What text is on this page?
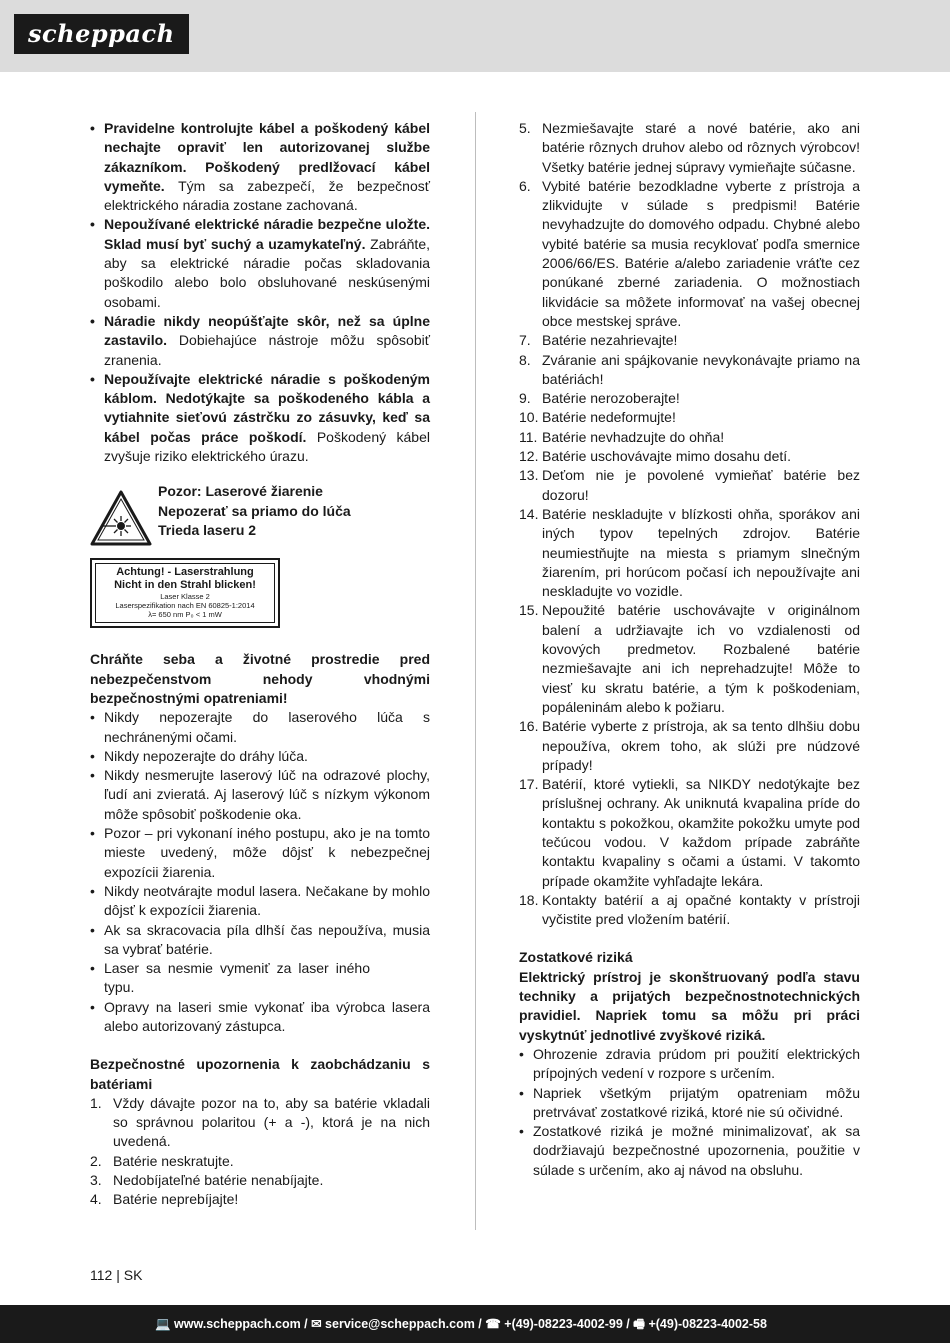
scheppach
• Pravidelne kontrolujte kábel a poškodený kábel nechajte opraviť len autorizovanej službe zákazníkom. Poškodený predlžovací kábel vymeňte. Tým sa zabezpečí, že bezpečnosť elektrického náradia zostane zachovaná.
• Nepoužívané elektrické náradie bezpečne uložte. Sklad musí byť suchý a uzamykateľný. Zabráňte, aby sa elektrické náradie počas skladovania poškodilo alebo bolo obsluhované neskúsenými osobami.
• Náradie nikdy neopúšťajte skôr, než sa úplne zastavilo. Dobiehajúce nástroje môžu spôsobiť zranenia.
• Nepoužívajte elektrické náradie s poškodeným káblom. Nedotýkajte sa poškodeného kábla a vytiahnite sieťovú zástrčku zo zásuvky, keď sa kábel počas práce poškodí. Poškodený kábel zvyšuje riziko elektrického úrazu.
Pozor: Laserové žiarenie
Nepozerať sa priamo do lúča
Trieda laseru 2
Achtung! - Laserstrahlung
Nicht in den Strahl blicken!
Laser Klasse 2
Laserspezifikation nach EN 60825-1:2014
λ= 650 nm P₀ < 1 mW
Chráňte seba a životné prostredie pred nebezpečenstvom nehody vhodnými bezpečnostnými opatreniami!
• Nikdy nepozerajte do laserového lúča s nechránenými očami.
• Nikdy nepozerajte do dráhy lúča.
• Nikdy nesmerujte laserový lúč na odrazové plochy, ľudí ani zvieratá. Aj laserový lúč s nízkym výkonom môže spôsobiť poškodenie oka.
• Pozor – pri vykonaní iného postupu, ako je na tomto mieste uvedený, môže dôjsť k nebezpečnej expozícii žiarenia.
• Nikdy neotvárajte modul lasera. Nečakane by mohlo dôjsť k expozícii žiarenia.
• Ak sa skracovacia píla dlhší čas nepoužíva, musia sa vybrať batérie.
• Laser sa nesmie vymeniť za laser iného typu.
• Opravy na laseri smie vykonať iba výrobca lasera alebo autorizovaný zástupca.
Bezpečnostné upozornenia k zaobchádzaniu s batériami
1. Vždy dávajte pozor na to, aby sa batérie vkladali so správnou polaritou (+ a -), ktorá je na nich uvedená.
2. Batérie neskratujte.
3. Nedobíjateľné batérie nenabíjajte.
4. Batérie neprebíjajte!
5. Nezmiešavajte staré a nové batérie, ako ani batérie rôznych druhov alebo od rôznych výrobcov! Všetky batérie jednej súpravy vymieňajte súčasne.
6. Vybité batérie bezodkladne vyberte z prístroja a zlikvidujte v súlade s predpismi! Batérie nevyhadzujte do domového odpadu. Chybné alebo vybité batérie sa musia recyklovať podľa smernice 2006/66/ES. Batérie a/alebo zariadenie vráťte cez ponúkané zberné zariadenia. O možnostiach likvidácie sa môžete informovať na vašej obecnej obce mestskej správe.
7. Batérie nezahrievajte!
8. Zváranie ani spájkovanie nevykonávajte priamo na batériách!
9. Batérie nerozoberajte!
10. Batérie nedeformujte!
11. Batérie nevhadzujte do ohňa!
12. Batérie uschovávajte mimo dosahu detí.
13. Deťom nie je povolené vymieňať batérie bez dozoru!
14. Batérie neskladujte v blízkosti ohňa, sporákov ani iných typov tepelných zdrojov. Batérie neumiestňujte na miesta s priamym slnečným žiarením, pri horúcom počasí ich nepoužívajte ani neskladujte vo vozidle.
15. Nepoužité batérie uschovávajte v originálnom balení a udržiavajte ich vo vzdialenosti od kovových predmetov. Rozbalené batérie nezmiešavajte ani ich neprehadzujte! Môže to viesť ku skratu batérie, a tým k poškodeniam, popáleninám alebo k požiaru.
16. Batérie vyberte z prístroja, ak sa tento dlhšiu dobu nepoužíva, okrem toho, ak slúži pre núdzové prípady!
17. Batérií, ktoré vytiekli, sa NIKDY nedotýkajte bez príslušnej ochrany. Ak uniknutá kvapalina príde do kontaktu s pokožkou, okamžite pokožku umyte pod tečúcou vodou. V každom prípade zabráňte kontaktu kvapaliny s očami a ústami. V takomto prípade okamžite vyhľadajte lekára.
18. Kontakty batérií a aj opačné kontakty v prístroji vyčistite pred vložením batérií.
Zostatkové riziká
Elektrický prístroj je skonštruovaný podľa stavu techniky a prijatých bezpečnostnotechnických pravidiel. Napriek tomu sa môžu pri práci vyskytnúť jednotlivé zvyškové riziká.
• Ohrozenie zdravia prúdom pri použití elektrických prípojných vedení v rozpore s určením.
• Napriek všetkým prijatým opatreniam môžu pretrvávať zostatkové riziká, ktoré nie sú očividné.
• Zostatkové riziká je možné minimalizovať, ak sa dodržiavajú bezpečnostné upozornenia, použitie v súlade s určením, ako aj návod na obsluhu.
112 | SK
💻 www.scheppach.com / ✉ service@scheppach.com / ☎ +(49)-08223-4002-99 / 🖷 +(49)-08223-4002-58
